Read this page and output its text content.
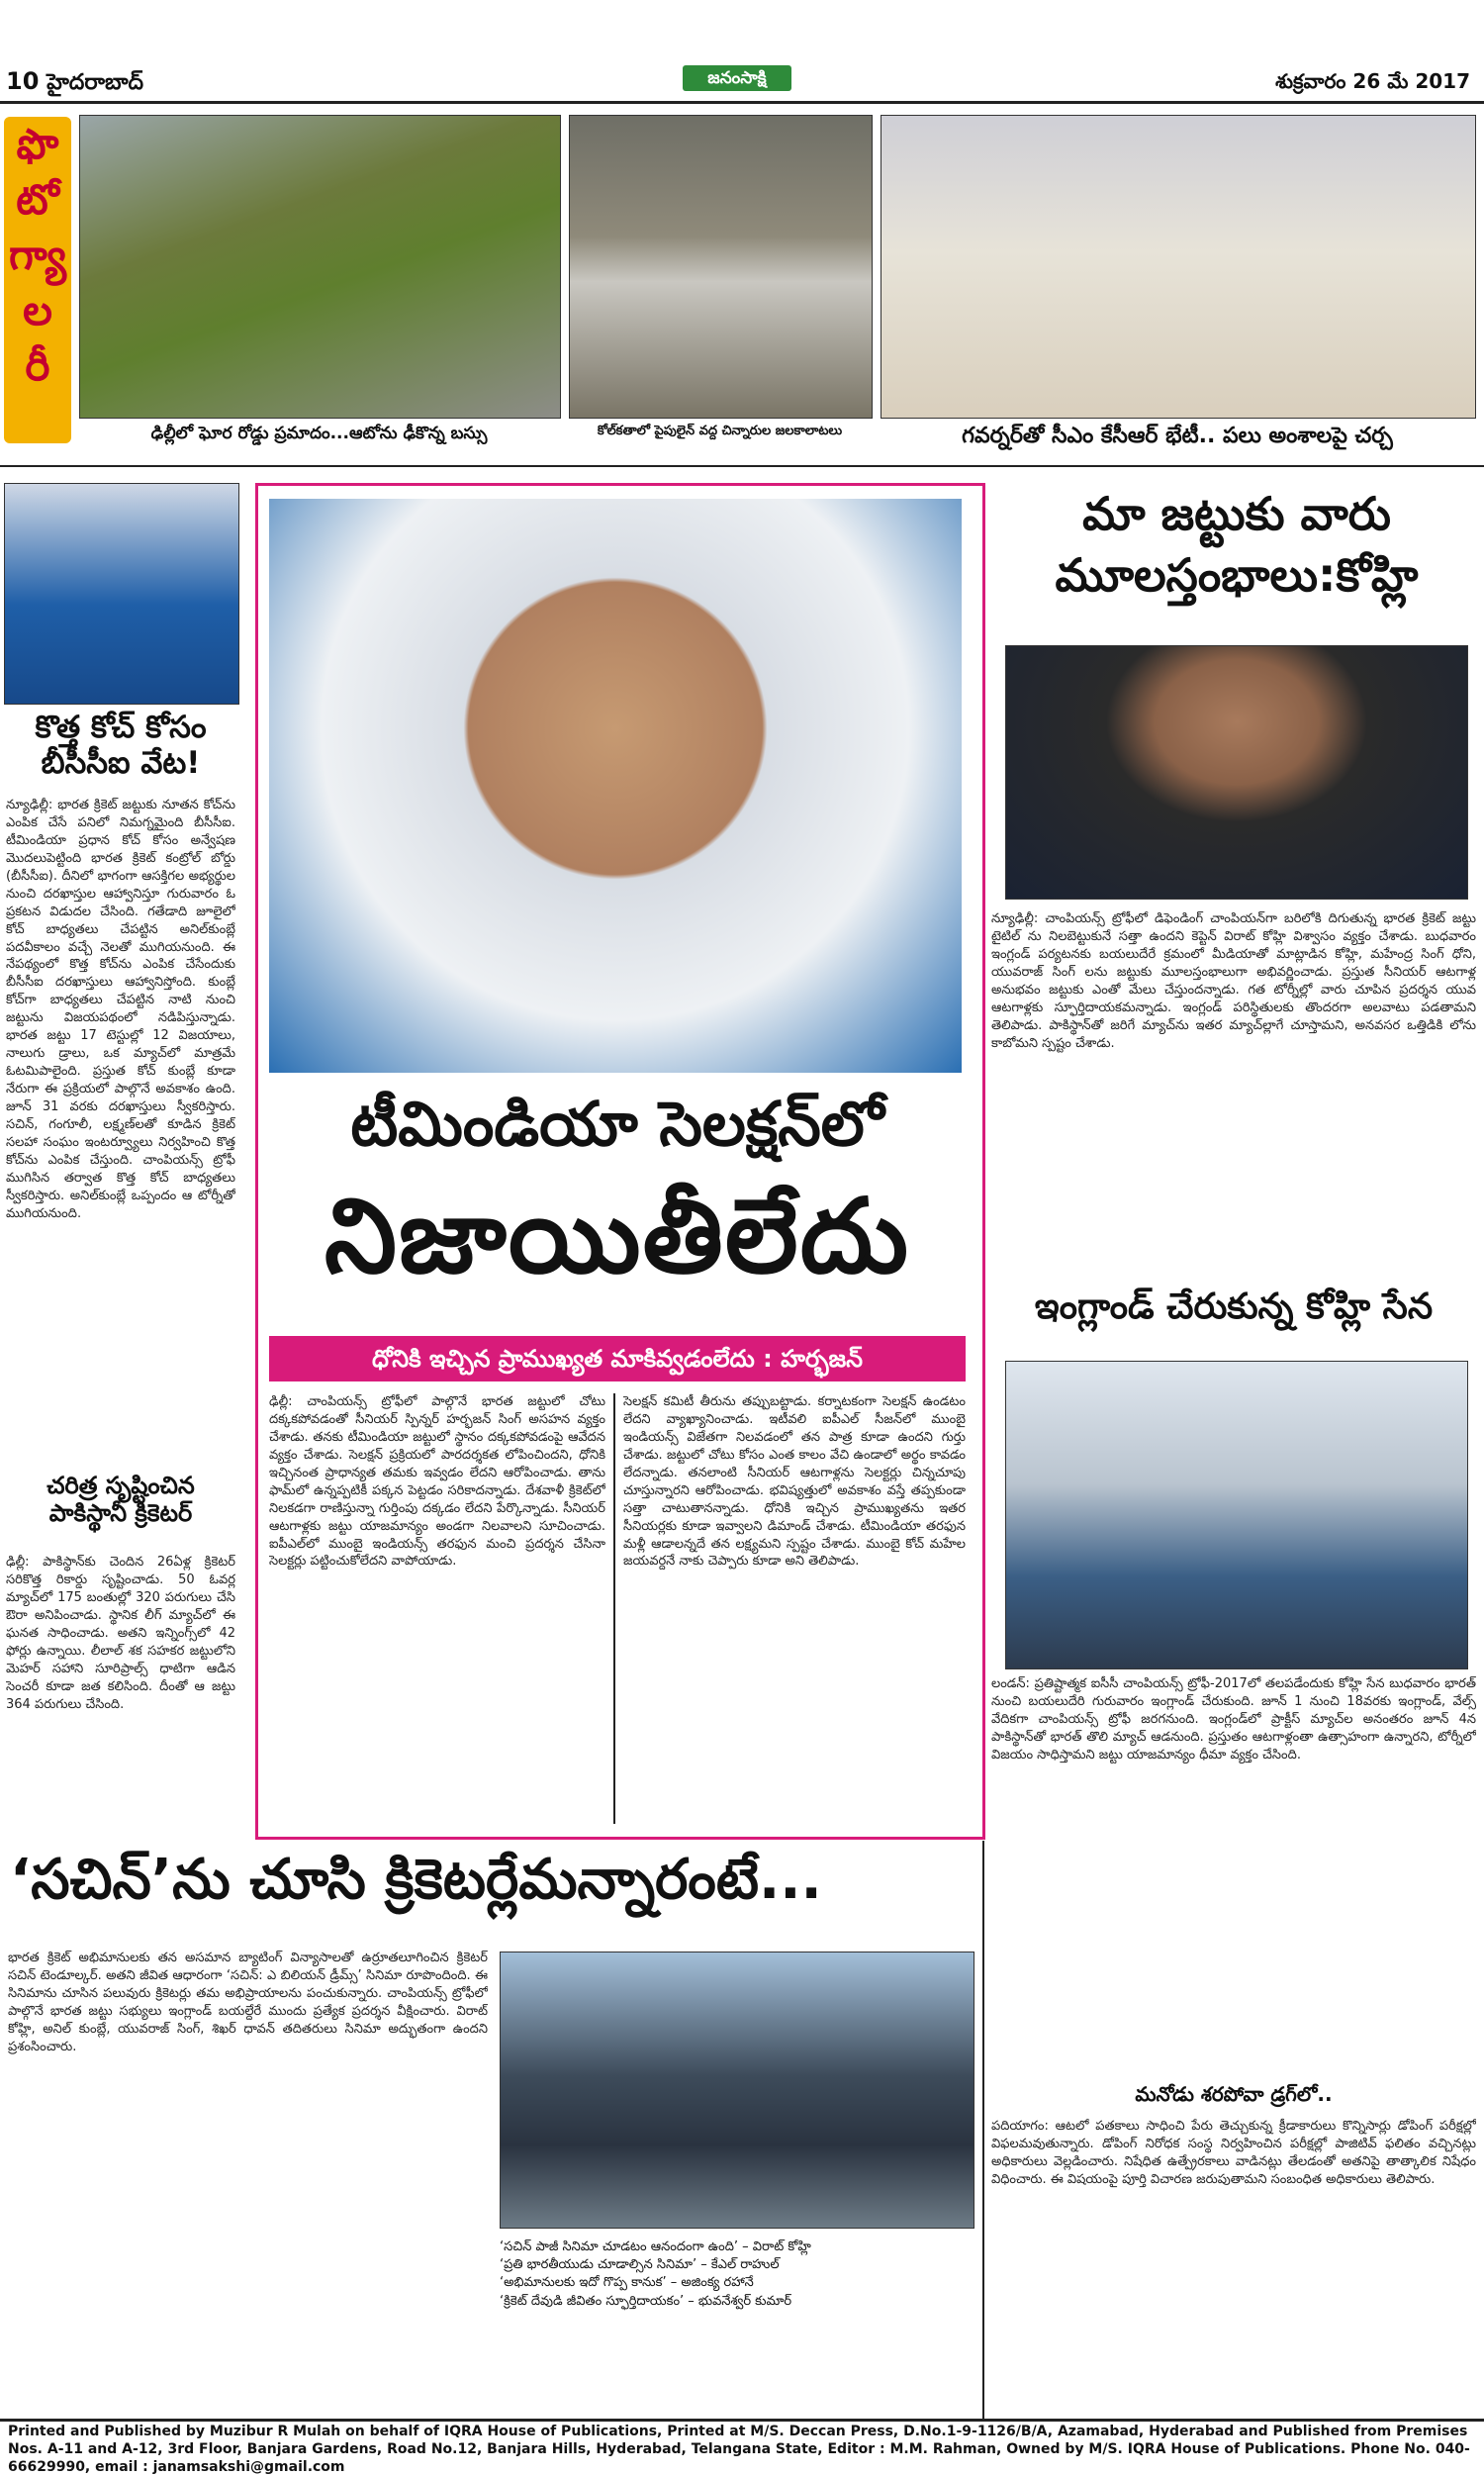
10 హైదరాబాద్	జనంసాక్షి	శుక్రవారం 26 మే 2017
ఫొ
టో
గ్యా
ల
రీ
ఢిల్లీలో ఘోర రోడ్డు ప్రమాదం...ఆటోను ఢీకొన్న బస్సు	కోల్‌కతాలో పైపులైన్ వద్ద చిన్నారుల జలకాలాటలు	గవర్నర్‌తో సీఎం కేసీఆర్ భేటీ.. పలు అంశాలపై చర్చ
కొత్త కోచ్ కోసం బీసీసీఐ వేట!
న్యూఢిల్లీ: భారత క్రికెట్ జట్టుకు నూతన కోచ్‌ను ఎంపిక చేసే పనిలో నిమగ్నమైంది బీసీసీఐ. టీమిండియా ప్రధాన కోచ్ కోసం అన్వేషణ మొదలుపెట్టింది భారత క్రికెట్ కంట్రోల్ బోర్డు (బీసీసీఐ). దీనిలో భాగంగా ఆసక్తిగల అభ్యర్థుల నుంచి దరఖాస్తుల ఆహ్వానిస్తూ గురువారం ఓ ప్రకటన విడుదల చేసింది. గతేడాది జూలైలో కోచ్ బాధ్యతలు చేపట్టిన అనిల్‌కుంబ్లే పదవీకాలం వచ్చే నెలతో ముగియనుంది. ఈ నేపథ్యంలో కొత్త కోచ్‌ను ఎంపిక చేసేందుకు బీసీసీఐ దరఖాస్తులు ఆహ్వానిస్తోంది. కుంబ్లే కోచ్‌గా బాధ్యతలు చేపట్టిన నాటి నుంచి జట్టును విజయపథంలో నడిపిస్తున్నాడు. భారత జట్టు 17 టెస్టుల్లో 12 విజయాలు, నాలుగు డ్రాలు, ఒక మ్యాచ్‌లో మాత్రమే ఓటమిపాలైంది. ప్రస్తుత కోచ్ కుంబ్లే కూడా నేరుగా ఈ ప్రక్రియలో పాల్గొనే అవకాశం ఉంది. జూన్ 31 వరకు దరఖాస్తులు స్వీకరిస్తారు. సచిన్, గంగూలీ, లక్ష్మణ్‌లతో కూడిన క్రికెట్ సలహా సంఘం ఇంటర్వ్యూలు నిర్వహించి కొత్త కోచ్‌ను ఎంపిక చేస్తుంది. చాంపియన్స్ ట్రోఫీ ముగిసిన తర్వాత కొత్త కోచ్ బాధ్యతలు స్వీకరిస్తారు. అనిల్‌కుంబ్లే ఒప్పందం ఆ టోర్నీతో ముగియనుంది.
చరిత్ర సృష్టించిన పాకిస్థానీ క్రికెటర్
ఢిల్లీ: పాకిస్థాన్‌కు చెందిన 26ఏళ్ల క్రికెటర్ సరికొత్త రికార్డు సృష్టించాడు. 50 ఓవర్ల మ్యాచ్‌లో 175 బంతుల్లో 320 పరుగులు చేసి ఔరా అనిపించాడు. స్థానిక లీగ్ మ్యాచ్‌లో ఈ ఘనత సాధించాడు. అతని ఇన్నింగ్స్‌లో 42 ఫోర్లు ఉన్నాయి. లీలాల్ శక సహకర జట్టులోని మెహర్ సహాని సూరిప్రాల్స్ ధాటిగా ఆడిన సెంచరీ కూడా జత కలిసింది. దీంతో ఆ జట్టు 364 పరుగులు చేసింది.
టీమిండియా సెలక్షన్‌లో
నిజాయితీలేదు
ధోనికి ఇచ్చిన ప్రాముఖ్యత మాకివ్వడంలేదు : హర్భజన్
ఢిల్లీ: చాంపియన్స్ ట్రోఫీలో పాల్గొనే భారత జట్టులో చోటు దక్కకపోవడంతో సీనియర్ స్పిన్నర్ హర్భజన్ సింగ్ అసహన వ్యక్తం చేశాడు. తనకు టీమిండియా జట్టులో స్థానం దక్కకపోవడంపై ఆవేదన వ్యక్తం చేశాడు. సెలక్షన్ ప్రక్రియలో పారదర్శకత లోపించిందని, ధోనికి ఇచ్చినంత ప్రాధాన్యత తమకు ఇవ్వడం లేదని ఆరోపించాడు. తాను ఫామ్‌లో ఉన్నప్పటికీ పక్కన పెట్టడం సరికాదన్నాడు. దేశవాళీ క్రికెట్‌లో నిలకడగా రాణిస్తున్నా గుర్తింపు దక్కడం లేదని పేర్కొన్నాడు. సీనియర్ ఆటగాళ్లకు జట్టు యాజమాన్యం అండగా నిలవాలని సూచించాడు. ఐపీఎల్‌లో ముంబై ఇండియన్స్ తరఫున మంచి ప్రదర్శన చేసినా సెలక్టర్లు పట్టించుకోలేదని వాపోయాడు.
సెలక్షన్ కమిటీ తీరును తప్పుబట్టాడు. కర్నాటకంగా సెలక్షన్ ఉండటం లేదని వ్యాఖ్యానించాడు. ఇటీవలి ఐపీఎల్ సీజన్‌లో ముంబై ఇండియన్స్ విజేతగా నిలవడంలో తన పాత్ర కూడా ఉందని గుర్తు చేశాడు. జట్టులో చోటు కోసం ఎంత కాలం వేచి ఉండాలో అర్థం కావడం లేదన్నాడు. తనలాంటి సీనియర్ ఆటగాళ్లను సెలక్టర్లు చిన్నచూపు చూస్తున్నారని ఆరోపించాడు. భవిష్యత్తులో అవకాశం వస్తే తప్పకుండా సత్తా చాటుతానన్నాడు. ధోనికి ఇచ్చిన ప్రాముఖ్యతను ఇతర సీనియర్లకు కూడా ఇవ్వాలని డిమాండ్ చేశాడు. టీమిండియా తరఫున మళ్లీ ఆడాలన్నదే తన లక్ష్యమని స్పష్టం చేశాడు. ముంబై కోచ్ మహేల జయవర్దనే నాకు చెప్పారు కూడా అని తెలిపాడు.
మా జట్టుకు వారు మూలస్తంభాలు:కోహ్లి
న్యూఢిల్లీ: చాంపియన్స్ ట్రోఫీలో డిఫెండింగ్ చాంపియన్‌గా బరిలోకి దిగుతున్న భారత క్రికెట్ జట్టు టైటిల్ ను నిలబెట్టుకునే సత్తా ఉందని కెప్టెన్ విరాట్ కోహ్లి విశ్వాసం వ్యక్తం చేశాడు. బుధవారం ఇంగ్లండ్ పర్యటనకు బయలుదేరే క్రమంలో మీడియాతో మాట్లాడిన కోహ్లి, మహేంద్ర సింగ్ ధోని, యువరాజ్ సింగ్ లను జట్టుకు మూలస్తంభాలుగా అభివర్ణించాడు. ప్రస్తుత సీనియర్ ఆటగాళ్ల అనుభవం జట్టుకు ఎంతో మేలు చేస్తుందన్నాడు. గత టోర్నీల్లో వారు చూపిన ప్రదర్శన యువ ఆటగాళ్లకు స్ఫూర్తిదాయకమన్నాడు. ఇంగ్లండ్ పరిస్థితులకు తొందరగా అలవాటు పడతామని తెలిపాడు. పాకిస్థాన్‌తో జరిగే మ్యాచ్‌ను ఇతర మ్యాచ్‌ల్లాగే చూస్తామని, అనవసర ఒత్తిడికి లోను కాబోమని స్పష్టం చేశాడు.
ఇంగ్లాండ్ చేరుకున్న కోహ్లి సేన
లండన్: ప్రతిష్టాత్మక ఐసీసీ చాంపియన్స్ ట్రోఫీ-2017లో తలపడేందుకు కోహ్లి సేన బుధవారం భారత్ నుంచి బయలుదేరి గురువారం ఇంగ్లాండ్ చేరుకుంది. జూన్ 1 నుంచి 18వరకు ఇంగ్లాండ్, వేల్స్ వేదికగా చాంపియన్స్ ట్రోఫీ జరగనుంది. ఇంగ్లండ్‌లో ప్రాక్టీస్ మ్యాచ్‌ల అనంతరం జూన్ 4న పాకిస్థాన్‌తో భారత్ తొలి మ్యాచ్ ఆడనుంది. ప్రస్తుతం ఆటగాళ్లంతా ఉత్సాహంగా ఉన్నారని, టోర్నీలో విజయం సాధిస్తామని జట్టు యాజమాన్యం ధీమా వ్యక్తం చేసింది.
మనోడు శరపోవా డ్రగ్‌లో..
పదియాగం: ఆటలో పతకాలు సాధించి పేరు తెచ్చుకున్న క్రీడాకారులు కొన్నిసార్లు డోపింగ్ పరీక్షల్లో విఫలమవుతున్నారు. డోపింగ్ నిరోధక సంస్థ నిర్వహించిన పరీక్షల్లో పాజిటివ్ ఫలితం వచ్చినట్లు అధికారులు వెల్లడించారు. నిషేధిత ఉత్ప్రేరకాలు వాడినట్లు తేలడంతో అతనిపై తాత్కాలిక నిషేధం విధించారు. ఈ విషయంపై పూర్తి విచారణ జరుపుతామని సంబంధిత అధికారులు తెలిపారు.
‘సచిన్’ను చూసి క్రికెటర్లేమన్నారంటే...
భారత క్రికెట్ అభిమానులకు తన అసమాన బ్యాటింగ్ విన్యాసాలతో ఉర్రూతలూగించిన క్రికెటర్ సచిన్ టెండూల్కర్. అతని జీవిత ఆధారంగా ‘సచిన్: ఎ బిలియన్ డ్రీమ్స్’ సినిమా రూపొందింది. ఈ సినిమాను చూసిన పలువురు క్రికెటర్లు తమ అభిప్రాయాలను పంచుకున్నారు. చాంపియన్స్ ట్రోఫీలో పాల్గొనే భారత జట్టు సభ్యులు ఇంగ్లాండ్ బయల్దేరే ముందు ప్రత్యేక ప్రదర్శన వీక్షించారు. విరాట్ కోహ్లి, అనిల్ కుంబ్లే, యువరాజ్ సింగ్, శిఖర్ ధావన్ తదితరులు సినిమా అద్భుతంగా ఉందని ప్రశంసించారు.
‘సచిన్ పాజీ సినిమా చూడటం ఆనందంగా ఉంది’ – విరాట్ కోహ్లి
‘ప్రతి భారతీయుడు చూడాల్సిన సినిమా’ – కేఎల్ రాహుల్
‘అభిమానులకు ఇదో గొప్ప కానుక’ – అజింక్య రహానే
‘క్రికెట్ దేవుడి జీవితం స్ఫూర్తిదాయకం’ – భువనేశ్వర్ కుమార్
Printed and Published by Muzibur R Mulah on behalf of IQRA House of Publications, Printed at M/S. Deccan Press, D.No.1-9-1126/B/A, Azamabad, Hyderabad and Published from Premises Nos. A-11 and A-12, 3rd Floor, Banjara Gardens, Road No.12, Banjara Hills, Hyderabad, Telangana State, Editor : M.M. Rahman, Owned by M/S. IQRA House of Publications. Phone No. 040-66629990, email : janamsakshi@gmail.com
